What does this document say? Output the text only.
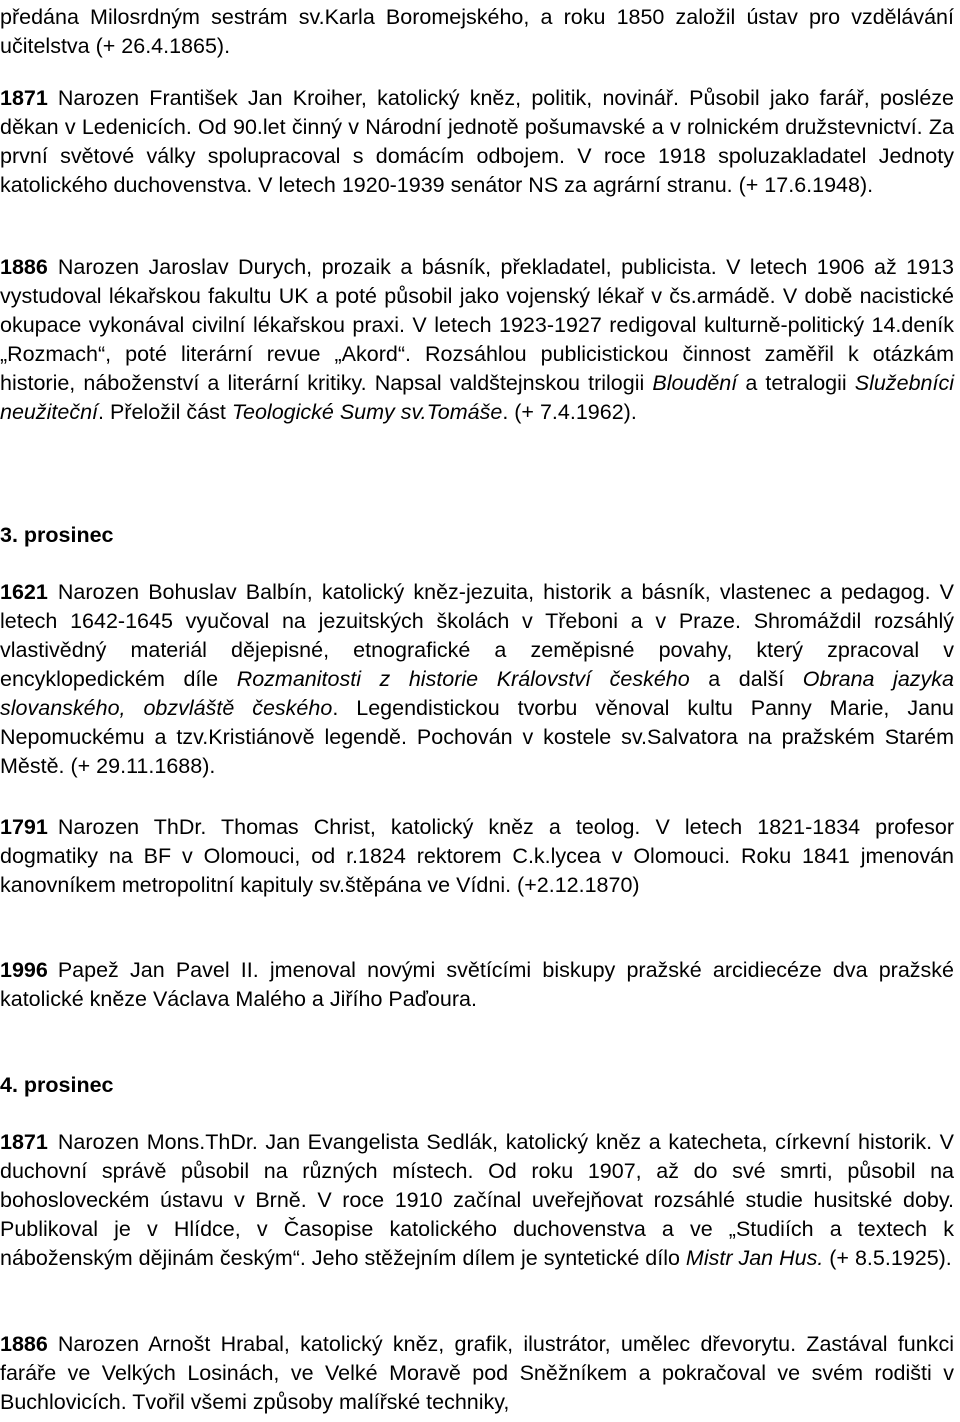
předána Milosrdným sestrám sv.Karla Boromejského, a roku 1850 založil ústav pro vzdělávání učitelstva (+ 26.4.1865).

1871 Narozen František Jan Kroiher, katolický kněz, politik, novinář. Působil jako farář, posléze děkan v Ledenicích. Od 90.let činný v Národní jednotě pošumavské a v rolnickém družstevnictví. Za první světové války spolupracoval s domácím odbojem. V roce 1918 spoluzakladatel Jednoty katolického duchovenstva. V letech 1920-1939 senátor NS za agrární stranu. (+ 17.6.1948).

1886 Narozen Jaroslav Durych, prozaik a básník, překladatel, publicista. V letech 1906 až 1913 vystudoval lékařskou fakultu UK a poté působil jako vojenský lékař v čs.armádě. V době nacistické okupace vykonával civilní lékařskou praxi. V letech 1923-1927 redigoval kulturně-politický 14.deník „Rozmach“, poté literární revue „Akord“. Rozsáhlou publicistickou činnost zaměřil k otázkám historie, náboženství a literární kritiky. Napsal valdštejnskou trilogii Bloudění a tetralogii Služebníci neužiteční. Přeložil část Teologické Sumy sv.Tomáše. (+ 7.4.1962).

3. prosinec

1621 Narozen Bohuslav Balbín, katolický kněz-jezuita, historik a básník, vlastenec a pedagog. V letech 1642-1645 vyučoval na jezuitských školách v Třeboni a v Praze. Shromáždil rozsáhlý vlastivědný materiál dějepisné, etnografické a zeměpisné povahy, který zpracoval v encyklopedickém díle Rozmanitosti z historie Království českého a další Obrana jazyka slovanského, obzvláště českého. Legendistickou tvorbu věnoval kultu Panny Marie, Janu Nepomuckému a tzv.Kristiánově legendě. Pochován v kostele sv.Salvatora na pražském Starém Městě. (+ 29.11.1688).

1791 Narozen ThDr. Thomas Christ, katolický kněz a teolog. V letech 1821-1834 profesor dogmatiky na BF v Olomouci, od r.1824 rektorem C.k.lycea v Olomouci. Roku 1841 jmenován kanovníkem metropolitní kapituly sv.štěpána ve Vídni. (+2.12.1870)

1996 Papež Jan Pavel II. jmenoval novými světícími biskupy pražské arcidiecéze dva pražské katolické kněze Václava Malého a Jiřího Paďoura.

4. prosinec

1871 Narozen Mons.ThDr. Jan Evangelista Sedlák, katolický kněz a katecheta, církevní historik. V duchovní správě působil na různých místech. Od roku 1907, až do své smrti, působil na bohosloveckém ústavu v Brně. V roce 1910 začínal uveřejňovat rozsáhlé studie husitské doby. Publikoval je v Hlídce, v Časopise katolického duchovenstva a ve „Studiích a textech k náboženským dějinám českým“. Jeho stěžejním dílem je syntetické dílo Mistr Jan Hus. (+ 8.5.1925).

1886 Narozen Arnošt Hrabal, katolický kněz, grafik, ilustrátor, umělec dřevorytu. Zastával funkci faráře ve Velkých Losinách, ve Velké Moravě pod Sněžníkem a pokračoval ve svém rodišti v Buchlovicích. Tvořil všemi způsoby malířské techniky,
